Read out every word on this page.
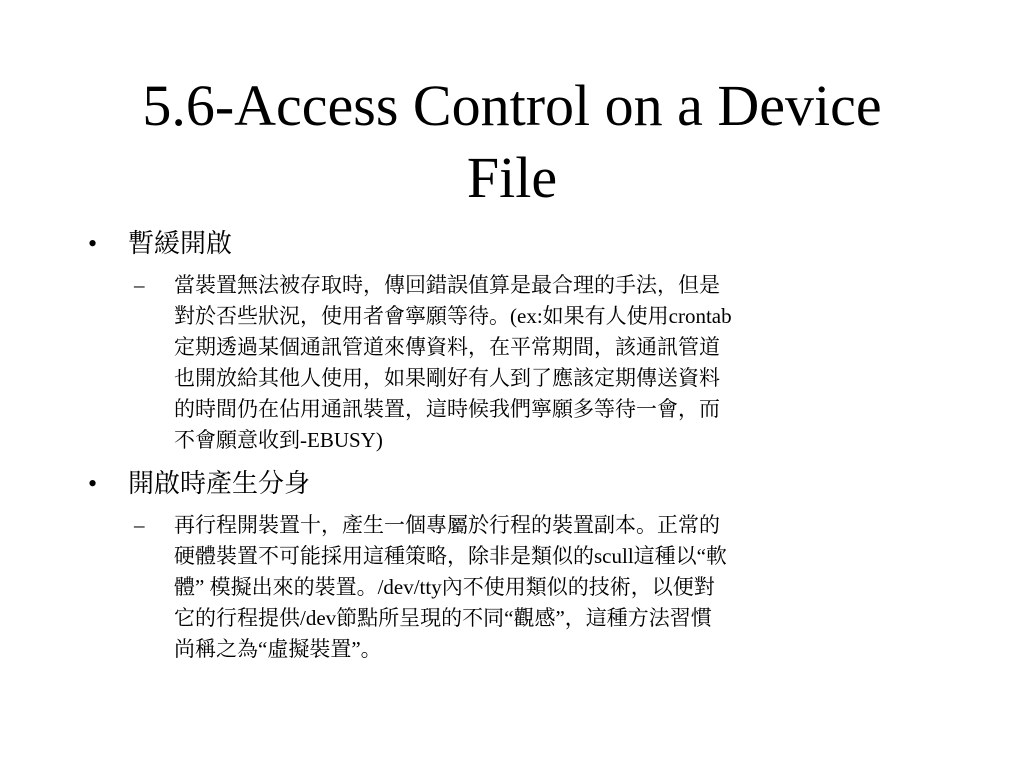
5.6-Access Control on a Device
File
•	暫緩開啟
–	當裝置無法被存取時，傳回錯誤值算是最合理的手法，但是

對於否些狀況，使用者會寧願等待。(ex:如果有人使用crontab

定期透過某個通訊管道來傳資料，在平常期間，該通訊管道

也開放給其他人使用，如果剛好有人到了應該定期傳送資料

的時間仍在佔用通訊裝置，這時候我們寧願多等待一會，而

不會願意收到-EBUSY)

•	開啟時產生分身
–	再行程開裝置十，產生一個專屬於行程的裝置副本。正常的

硬體裝置不可能採用這種策略，除非是類似的scull這種以“軟

體” 模擬出來的裝置。/dev/tty內不使用類似的技術，以便對

它的行程提供/dev節點所呈現的不同“觀感”，這種方法習慣

尚稱之為“虛擬裝置”。
